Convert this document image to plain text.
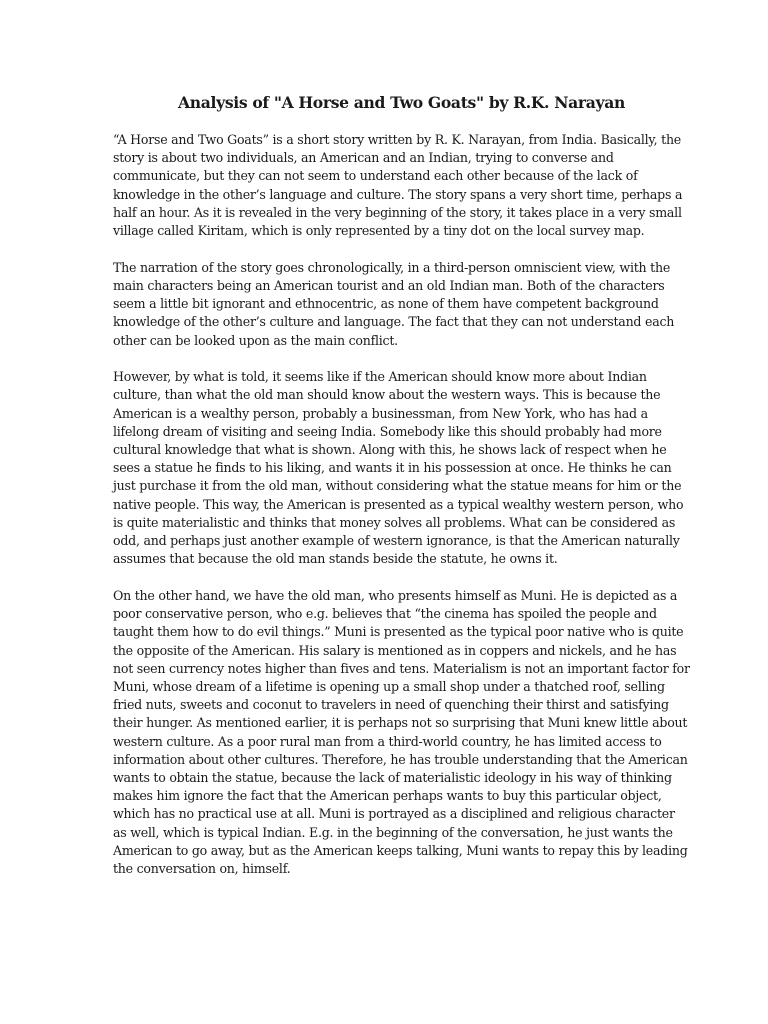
Analysis of "A Horse and Two Goats" by R.K. Narayan

“A Horse and Two Goats” is a short story written by R. K. Narayan, from India. Basically, the story is about two individuals, an American and an Indian, trying to converse and communicate, but they can not seem to understand each other because of the lack of knowledge in the other’s language and culture. The story spans a very short time, perhaps a half an hour. As it is revealed in the very beginning of the story, it takes place in a very small village called Kiritam, which is only represented by a tiny dot on the local survey map.

The narration of the story goes chronologically, in a third-person omniscient view, with the main characters being an American tourist and an old Indian man. Both of the characters seem a little bit ignorant and ethnocentric, as none of them have competent background knowledge of the other’s culture and language. The fact that they can not understand each other can be looked upon as the main conflict.

However, by what is told, it seems like if the American should know more about Indian culture, than what the old man should know about the western ways. This is because the American is a wealthy person, probably a businessman, from New York, who has had a lifelong dream of visiting and seeing India. Somebody like this should probably had more cultural knowledge that what is shown. Along with this, he shows lack of respect when he sees a statue he finds to his liking, and wants it in his possession at once. He thinks he can just purchase it from the old man, without considering what the statue means for him or the native people. This way, the American is presented as a typical wealthy western person, who is quite materialistic and thinks that money solves all problems. What can be considered as odd, and perhaps just another example of western ignorance, is that the American naturally assumes that because the old man stands beside the statute, he owns it.

On the other hand, we have the old man, who presents himself as Muni. He is depicted as a poor conservative person, who e.g. believes that “the cinema has spoiled the people and taught them how to do evil things.” Muni is presented as the typical poor native who is quite the opposite of the American. His salary is mentioned as in coppers and nickels, and he has not seen currency notes higher than fives and tens. Materialism is not an important factor for Muni, whose dream of a lifetime is opening up a small shop under a thatched roof, selling fried nuts, sweets and coconut to travelers in need of quenching their thirst and satisfying their hunger. As mentioned earlier, it is perhaps not so surprising that Muni knew little about western culture. As a poor rural man from a third-world country, he has limited access to information about other cultures. Therefore, he has trouble understanding that the American wants to obtain the statue, because the lack of materialistic ideology in his way of thinking makes him ignore the fact that the American perhaps wants to buy this particular object, which has no practical use at all. Muni is portrayed as a disciplined and religious character as well, which is typical Indian. E.g. in the beginning of the conversation, he just wants the American to go away, but as the American keeps talking, Muni wants to repay this by leading the conversation on, himself.
